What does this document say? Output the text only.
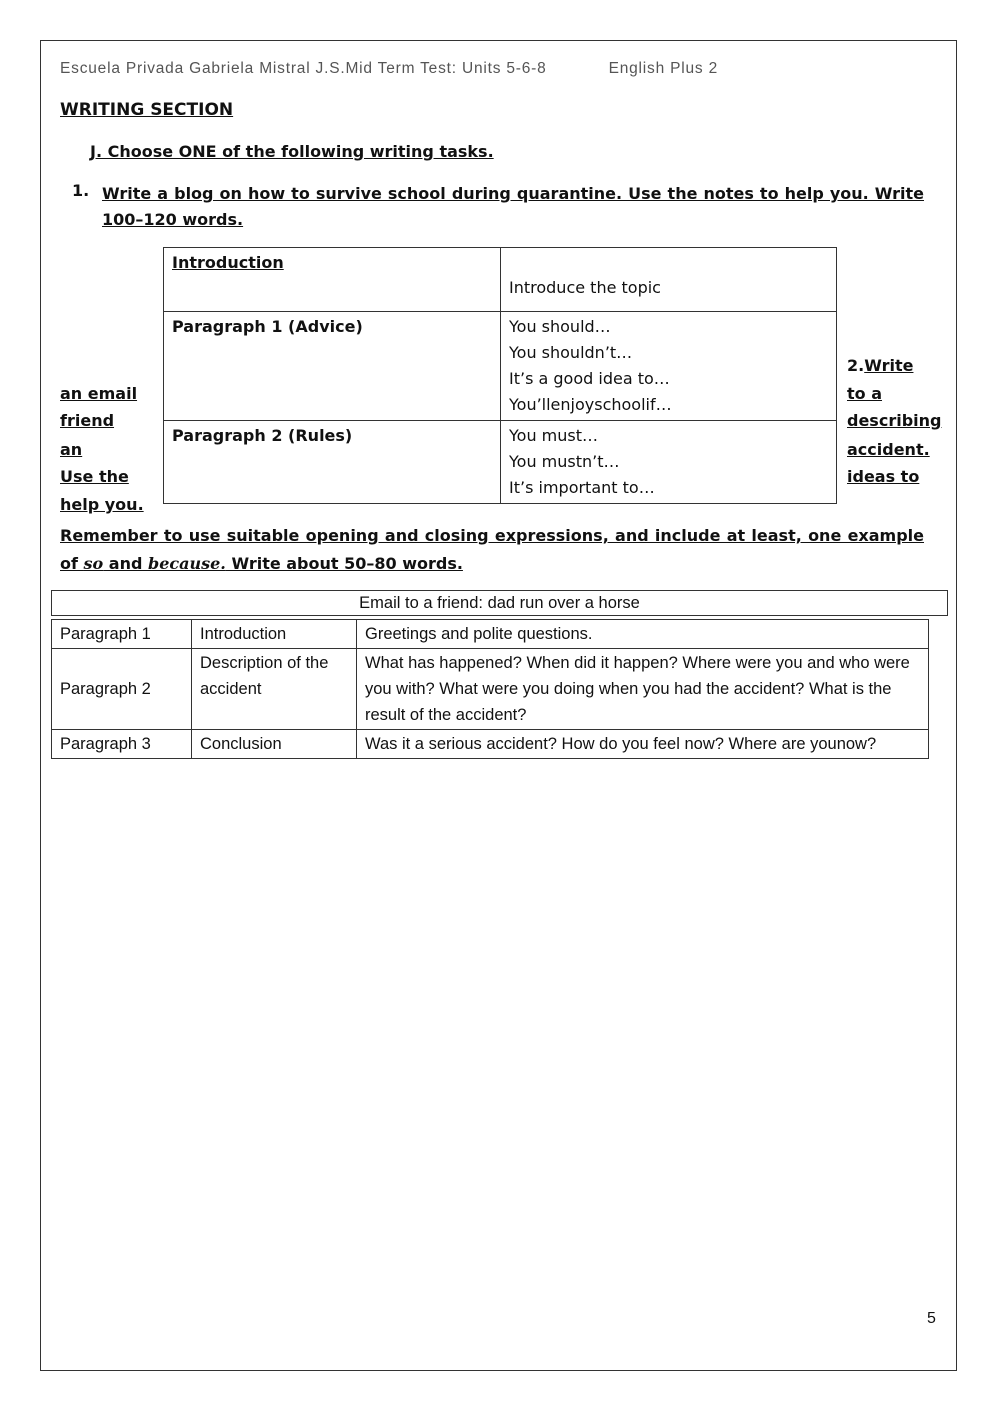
Escuela Privada Gabriela Mistral J.S.Mid Term Test: Units 5-6-8	English Plus 2
WRITING SECTION
J. Choose ONE of the following writing tasks.
1. Write a blog on how to survive school during quarantine. Use the notes to help you. Write 100–120 words.
Introduction	Introduce the topic

Paragraph 1 (Advice)	You should…
You shouldn’t…
It’s a good idea to…
You’llenjoyschoolif…

Paragraph 2 (Rules)	You must…
You mustn’t…
It’s important to…
an email
friend
an
Use the
help you.
2.Write
to a
describing
accident.
ideas to
Remember to use suitable opening and closing expressions, and include at least, one example of so and because. Write about 50–80 words.
Email to a friend: dad run over a horse
Paragraph 1	Introduction	Greetings and polite questions.
Paragraph 2	Description of the accident	What has happened? When did it happen? Where were you and who were you with? What were you doing when you had the accident? What is the result of the accident?
Paragraph 3	Conclusion	Was it a serious accident? How do you feel now? Where are younow?
5
